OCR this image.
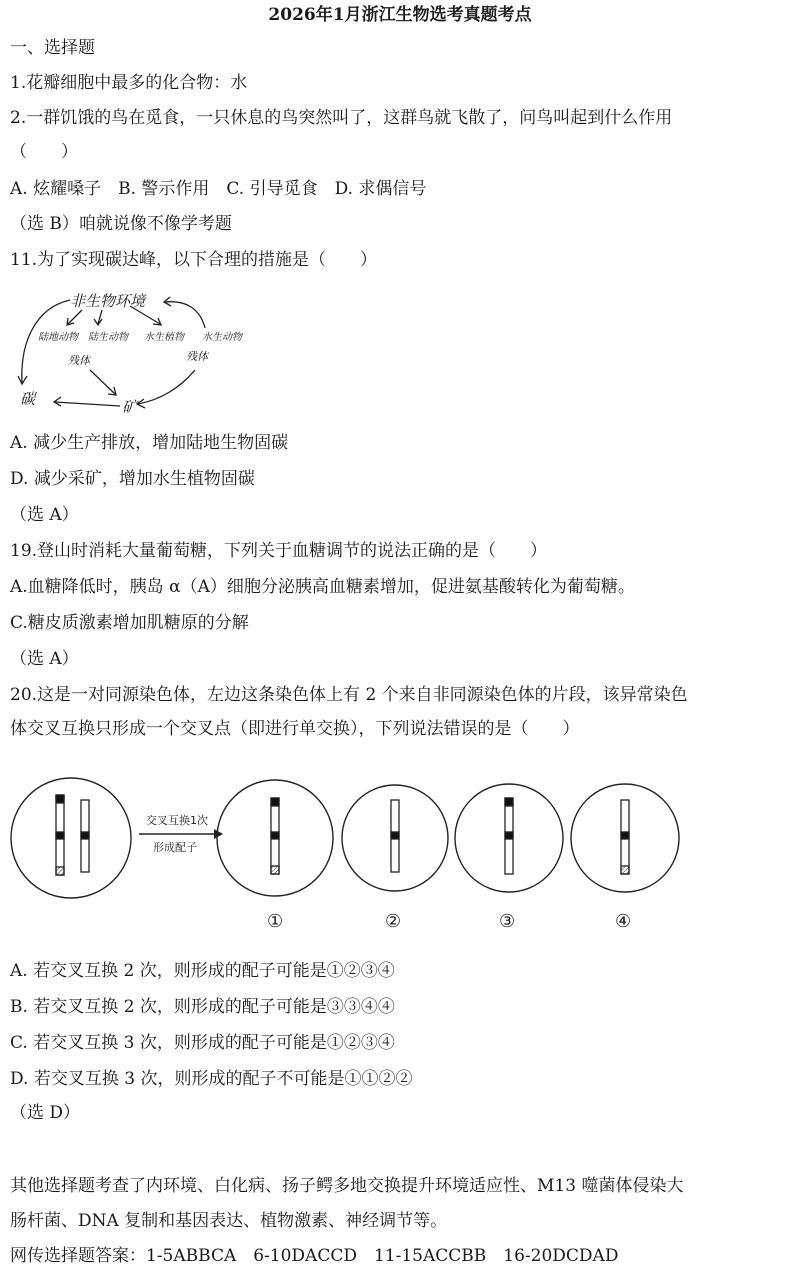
2026年1月浙江生物选考真题考点
一、选择题
1.花瓣细胞中最多的化合物：水
2.一群饥饿的鸟在觅食，一只休息的鸟突然叫了，这群鸟就飞散了，问鸟叫起到什么作用
（　　）
A. 炫耀嗓子　B. 警示作用　C. 引导觅食　D. 求偶信号
（选 B）咱就说像不像学考题
11.为了实现碳达峰，以下合理的措施是（　　）
非生物环境
陆地动物 陆生动物 水生植物 水生动物
残体	残体
碳	矿
A. 减少生产排放，增加陆地生物固碳
D. 减少采矿，增加水生植物固碳
（选 A）
19.登山时消耗大量葡萄糖，下列关于血糖调节的说法正确的是（　　）
A.血糖降低时，胰岛 α（A）细胞分泌胰高血糖素增加，促进氨基酸转化为葡萄糖。
C.糖皮质激素增加肌糖原的分解
（选 A）
20.这是一对同源染色体，左边这条染色体上有 2 个来自非同源染色体的片段，该异常染色
体交叉互换只形成一个交叉点（即进行单交换），下列说法错误的是（　　）
交叉互换1次
形成配子
①	②	③	④
A. 若交叉互换 2 次，则形成的配子可能是①②③④
B. 若交叉互换 2 次，则形成的配子可能是③③④④
C. 若交叉互换 3 次，则形成的配子可能是①②③④
D. 若交叉互换 3 次，则形成的配子不可能是①①②②
（选 D）
其他选择题考查了内环境、白化病、扬子鳄多地交换提升环境适应性、M13 噬菌体侵染大
肠杆菌、DNA 复制和基因表达、植物激素、神经调节等。
网传选择题答案：1-5ABBCA　6-10DACCD　11-15ACCBB　16-20DCDAD
